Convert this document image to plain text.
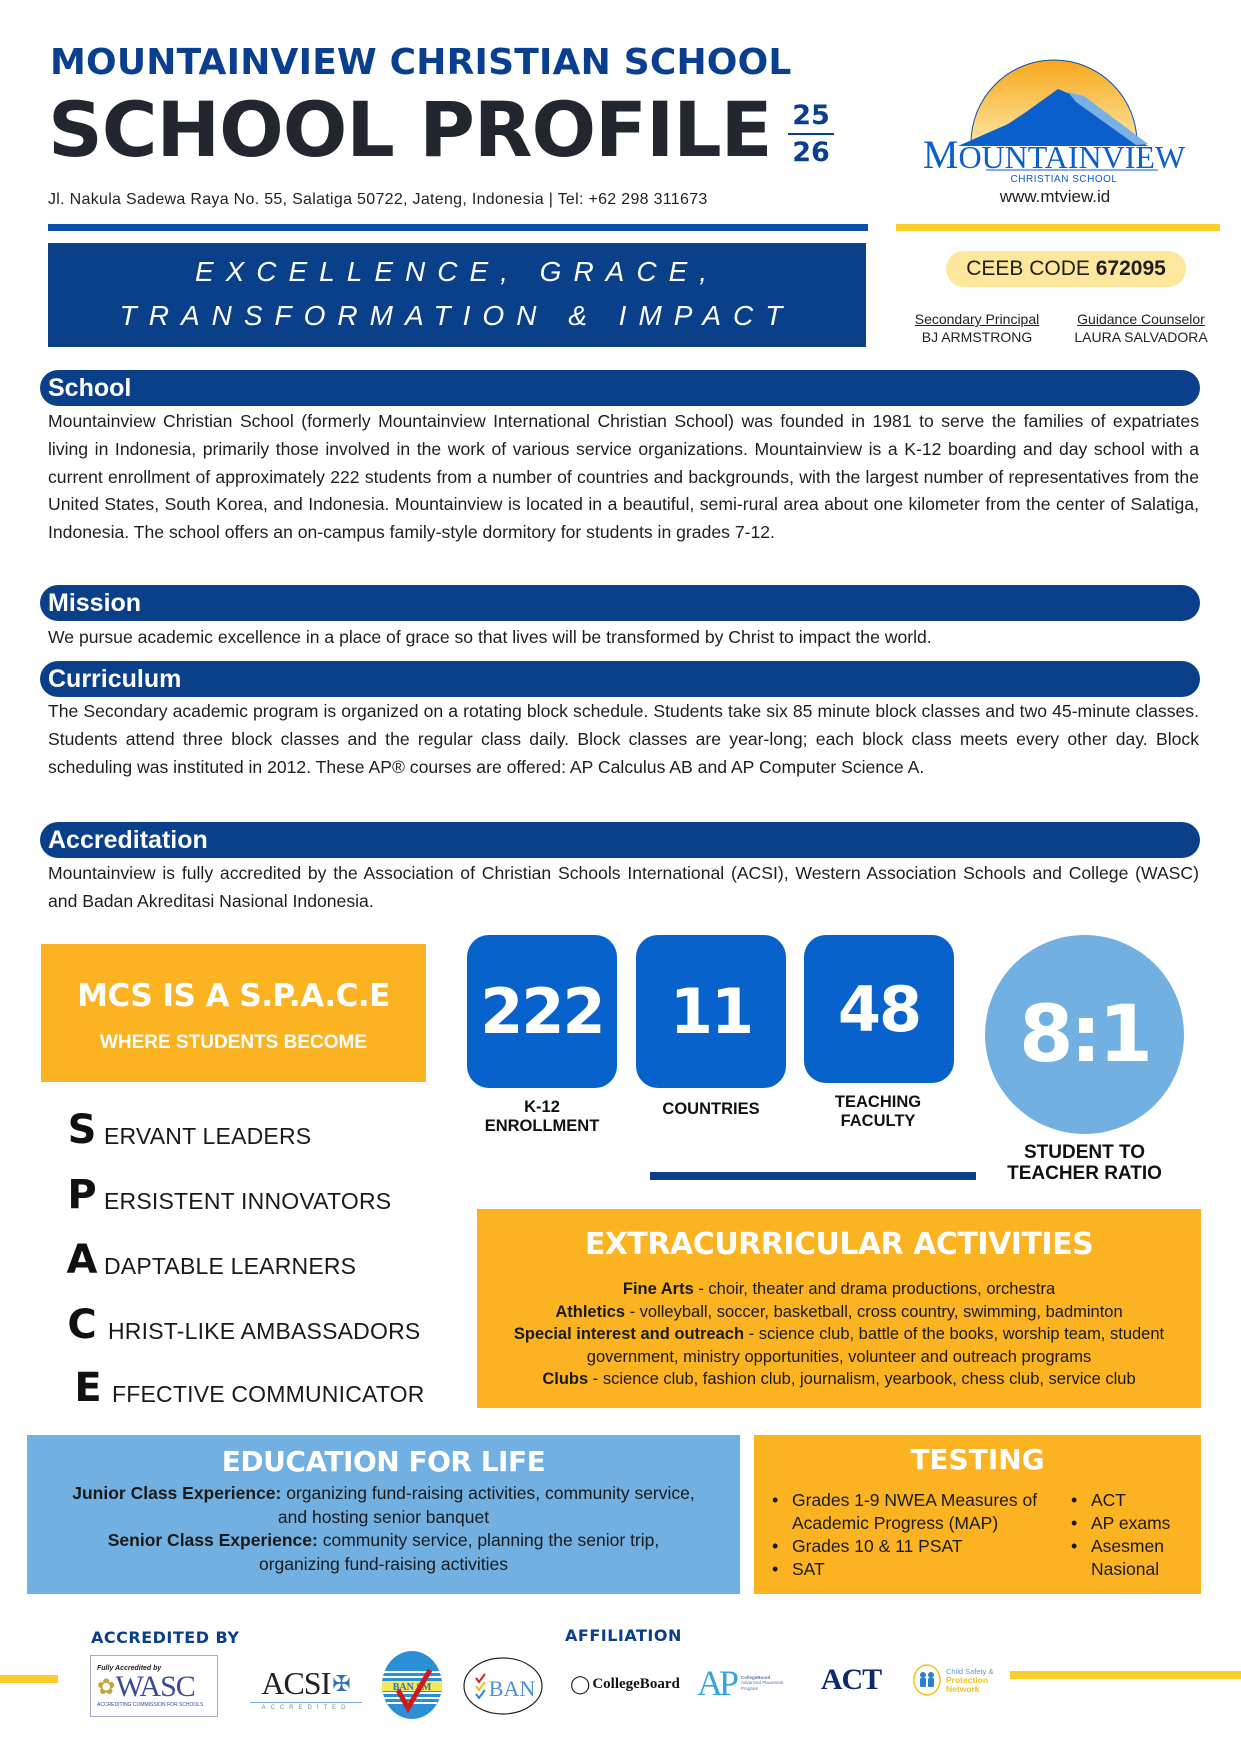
MOUNTAINVIEW CHRISTIAN SCHOOL
SCHOOL PROFILE 25
26
Jl. Nakula Sadewa Raya No. 55, Salatiga 50722, Jateng, Indonesia | Tel: +62 298 311673
MOUNTAINVIEW
CHRISTIAN SCHOOL
www.mtview.id
EXCELLENCE, GRACE,
TRANSFORMATION & IMPACT
CEEB CODE 672095
Secondary Principal
BJ ARMSTRONG
Guidance Counselor
LAURA SALVADORA
School
Mountainview Christian School (formerly Mountainview International Christian School) was founded in 1981 to serve the families of expatriates living in Indonesia, primarily those involved in the work of various service organizations. Mountainview is a K-12 boarding and day school with a current enrollment of approximately 222 students from a number of countries and backgrounds, with the largest number of representatives from the United States, South Korea, and Indonesia. Mountainview is located in a beautiful, semi-rural area about one kilometer from the center of Salatiga, Indonesia. The school offers an on-campus family-style dormitory for students in grades 7-12.
Mission
We pursue academic excellence in a place of grace so that lives will be transformed by Christ to impact the world.
Curriculum
The Secondary academic program is organized on a rotating block schedule. Students take six 85 minute block classes and two 45-minute classes. Students attend three block classes and the regular class daily. Block classes are year-long; each block class meets every other day. Block scheduling was instituted in 2012. These AP® courses are offered: AP Calculus AB and AP Computer Science A.
Accreditation
Mountainview is fully accredited by the Association of Christian Schools International (ACSI), Western Association Schools and College (WASC) and Badan Akreditasi Nasional Indonesia.
MCS IS A S.P.A.C.E
WHERE STUDENTS BECOME
S ERVANT LEADERS
P ERSISTENT INNOVATORS
A DAPTABLE LEARNERS
C HRIST-LIKE AMBASSADORS
E FFECTIVE COMMUNICATOR
222
K-12
ENROLLMENT
11
COUNTRIES
48
TEACHING
FACULTY
8:1
STUDENT TO
TEACHER RATIO
EXTRACURRICULAR ACTIVITIES
Fine Arts - choir, theater and drama productions, orchestra
Athletics - volleyball, soccer, basketball, cross country, swimming, badminton
Special interest and outreach - science club, battle of the books, worship team, student government, ministry opportunities, volunteer and outreach programs
Clubs - science club, fashion club, journalism, yearbook, chess club, service club
EDUCATION FOR LIFE
Junior Class Experience: organizing fund-raising activities, community service, and hosting senior banquet
Senior Class Experience: community service, planning the senior trip, organizing fund-raising activities
TESTING
• Grades 1-9 NWEA Measures of Academic Progress (MAP)
• Grades 10 & 11 PSAT
• SAT
• ACT
• AP exams
• Asesmen Nasional
ACCREDITED BY	AFFILIATION
Fully Accredited by
✿ WASC
ACCREDITING COMMISSION FOR SCHOOLS
ACSI ✠
ACCREDITED
BAN SM	BAN ◯ CollegeBoard AP CollegeBoard
Advanced Placement
Program	ACT	Child Safety &
Protection
Network
